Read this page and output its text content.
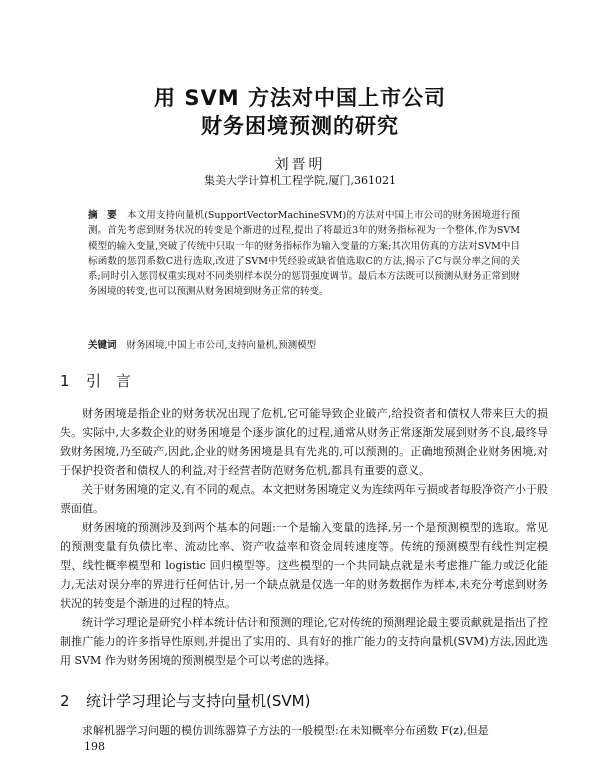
用 SVM 方法对中国上市公司
财务困境预测的研究
刘晋明
集美大学计算机工程学院,厦门,361021
摘　要 本文用支持向量机(SupportVectorMachineSVM)的方法对中国上市公司的财务困境进行预测。首先考虑到财务状况的转变是个渐进的过程,提出了将最近3年的财务指标视为一个整体,作为SVM模型的输入变量,突破了传统中只取一年的财务指标作为输入变量的方案;其次用仿真的方法对SVM中目标函数的惩罚系数C进行选取,改进了SVM中凭经验或缺省值选取C的方法,揭示了C与误分率之间的关系;同时引入惩罚权重实现对不同类别样本误分的惩罚强度调节。最后本方法既可以预测从财务正常到财务困境的转变,也可以预测从财务困境到财务正常的转变。
关键词 财务困境,中国上市公司,支持向量机,预测模型
1 引　言

财务困境是指企业的财务状况出现了危机,它可能导致企业破产,给投资者和债权人带来巨大的损失。实际中,大多数企业的财务困境是个逐步演化的过程,通常从财务正常逐渐发展到财务不良,最终导致财务困境,乃至破产,因此,企业的财务困境是具有先兆的,可以预测的。正确地预测企业财务困境,对于保护投资者和债权人的利益,对于经营者防范财务危机,都具有重要的意义。

关于财务困境的定义,有不同的观点。本文把财务困境定义为连续两年亏损或者每股净资产小于股票面值。

财务困境的预测涉及到两个基本的问题:一个是输入变量的选择,另一个是预测模型的选取。常见的预测变量有负债比率、流动比率、资产收益率和资金周转速度等。传统的预测模型有线性判定模型、线性概率模型和 logistic 回归模型等。这些模型的一个共同缺点就是未考虑推广能力或泛化能力,无法对误分率的界进行任何估计,另一个缺点就是仅选一年的财务数据作为样本,未充分考虑到财务状况的转变是个渐进的过程的特点。

统计学习理论是研究小样本统计估计和预测的理论,它对传统的预测理论最主要贡献就是指出了控制推广能力的许多指导性原则,并提出了实用的、具有好的推广能力的支持向量机(SVM)方法,因此选用 SVM 作为财务困境的预测模型是个可以考虑的选择。

2 统计学习理论与支持向量机(SVM)

求解机器学习问题的模仿训练器算子方法的一般模型:在未知概率分布函数 F(z),但是

198
